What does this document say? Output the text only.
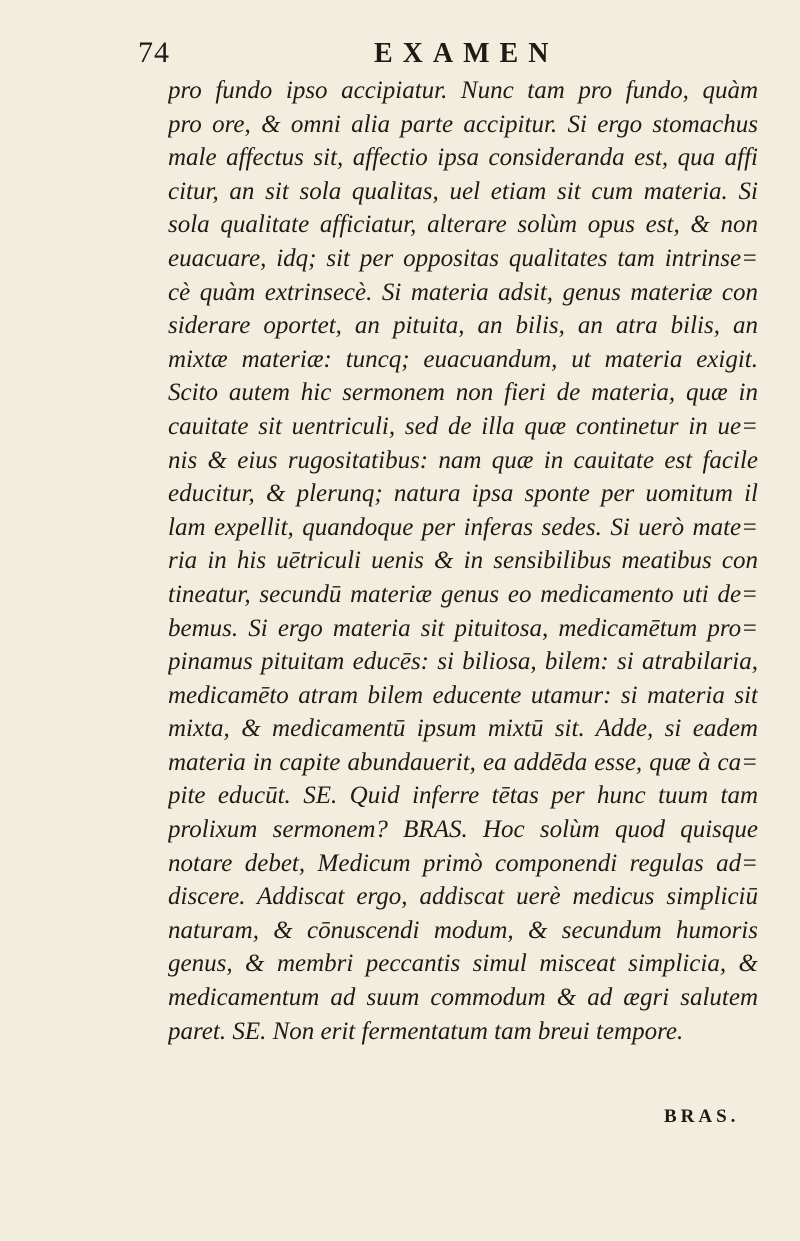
74	EXAMEN
pro fundo ipso accipiatur. Nunc tam pro fundo, quàm
pro ore, & omni alia parte accipitur. Si ergo stomachus
male affectus sit, affectio ipsa consideranda est, qua affi
citur, an sit sola qualitas, uel etiam sit cum materia. Si
sola qualitate afficiatur, alterare solùm opus est, & non
euacuare, idq; sit per oppositas qualitates tam intrinse=
cè quàm extrinsecè. Si materia adsit, genus materiæ con
siderare oportet, an pituita, an bilis, an atra bilis, an
mixtæ materiæ: tuncq; euacuandum, ut materia exigit.
Scito autem hic sermonem non fieri de materia, quæ in
cauitate sit uentriculi, sed de illa quæ continetur in ue=
nis & eius rugositatibus: nam quæ in cauitate est facile
educitur, & plerunq; natura ipsa sponte per uomitum il
lam expellit, quandoque per inferas sedes. Si uerò mate=
ria in his uētriculi uenis & in sensibilibus meatibus con
tineatur, secundū materiæ genus eo medicamento uti de=
bemus. Si ergo materia sit pituitosa, medicamētum pro=
pinamus pituitam educēs: si biliosa, bilem: si atrabilaria,
medicamēto atram bilem educente utamur: si materia sit
mixta, & medicamentū ipsum mixtū sit. Adde, si eadem
materia in capite abundauerit, ea addēda esse, quæ à ca=
pite educūt. SE. Quid inferre tētas per hunc tuum tam
prolixum sermonem? BRAS. Hoc solùm quod quisque
notare debet, Medicum primò componendi regulas ad=
discere. Addiscat ergo, addiscat uerè medicus simpliciū
naturam, & cōnuscendi modum, & secundum humoris
genus, & membri peccantis simul misceat simplicia, &
medicamentum ad suum commodum & ad ægri salutem
paret. SE. Non erit fermentatum tam breui tempore.
BRAS.
